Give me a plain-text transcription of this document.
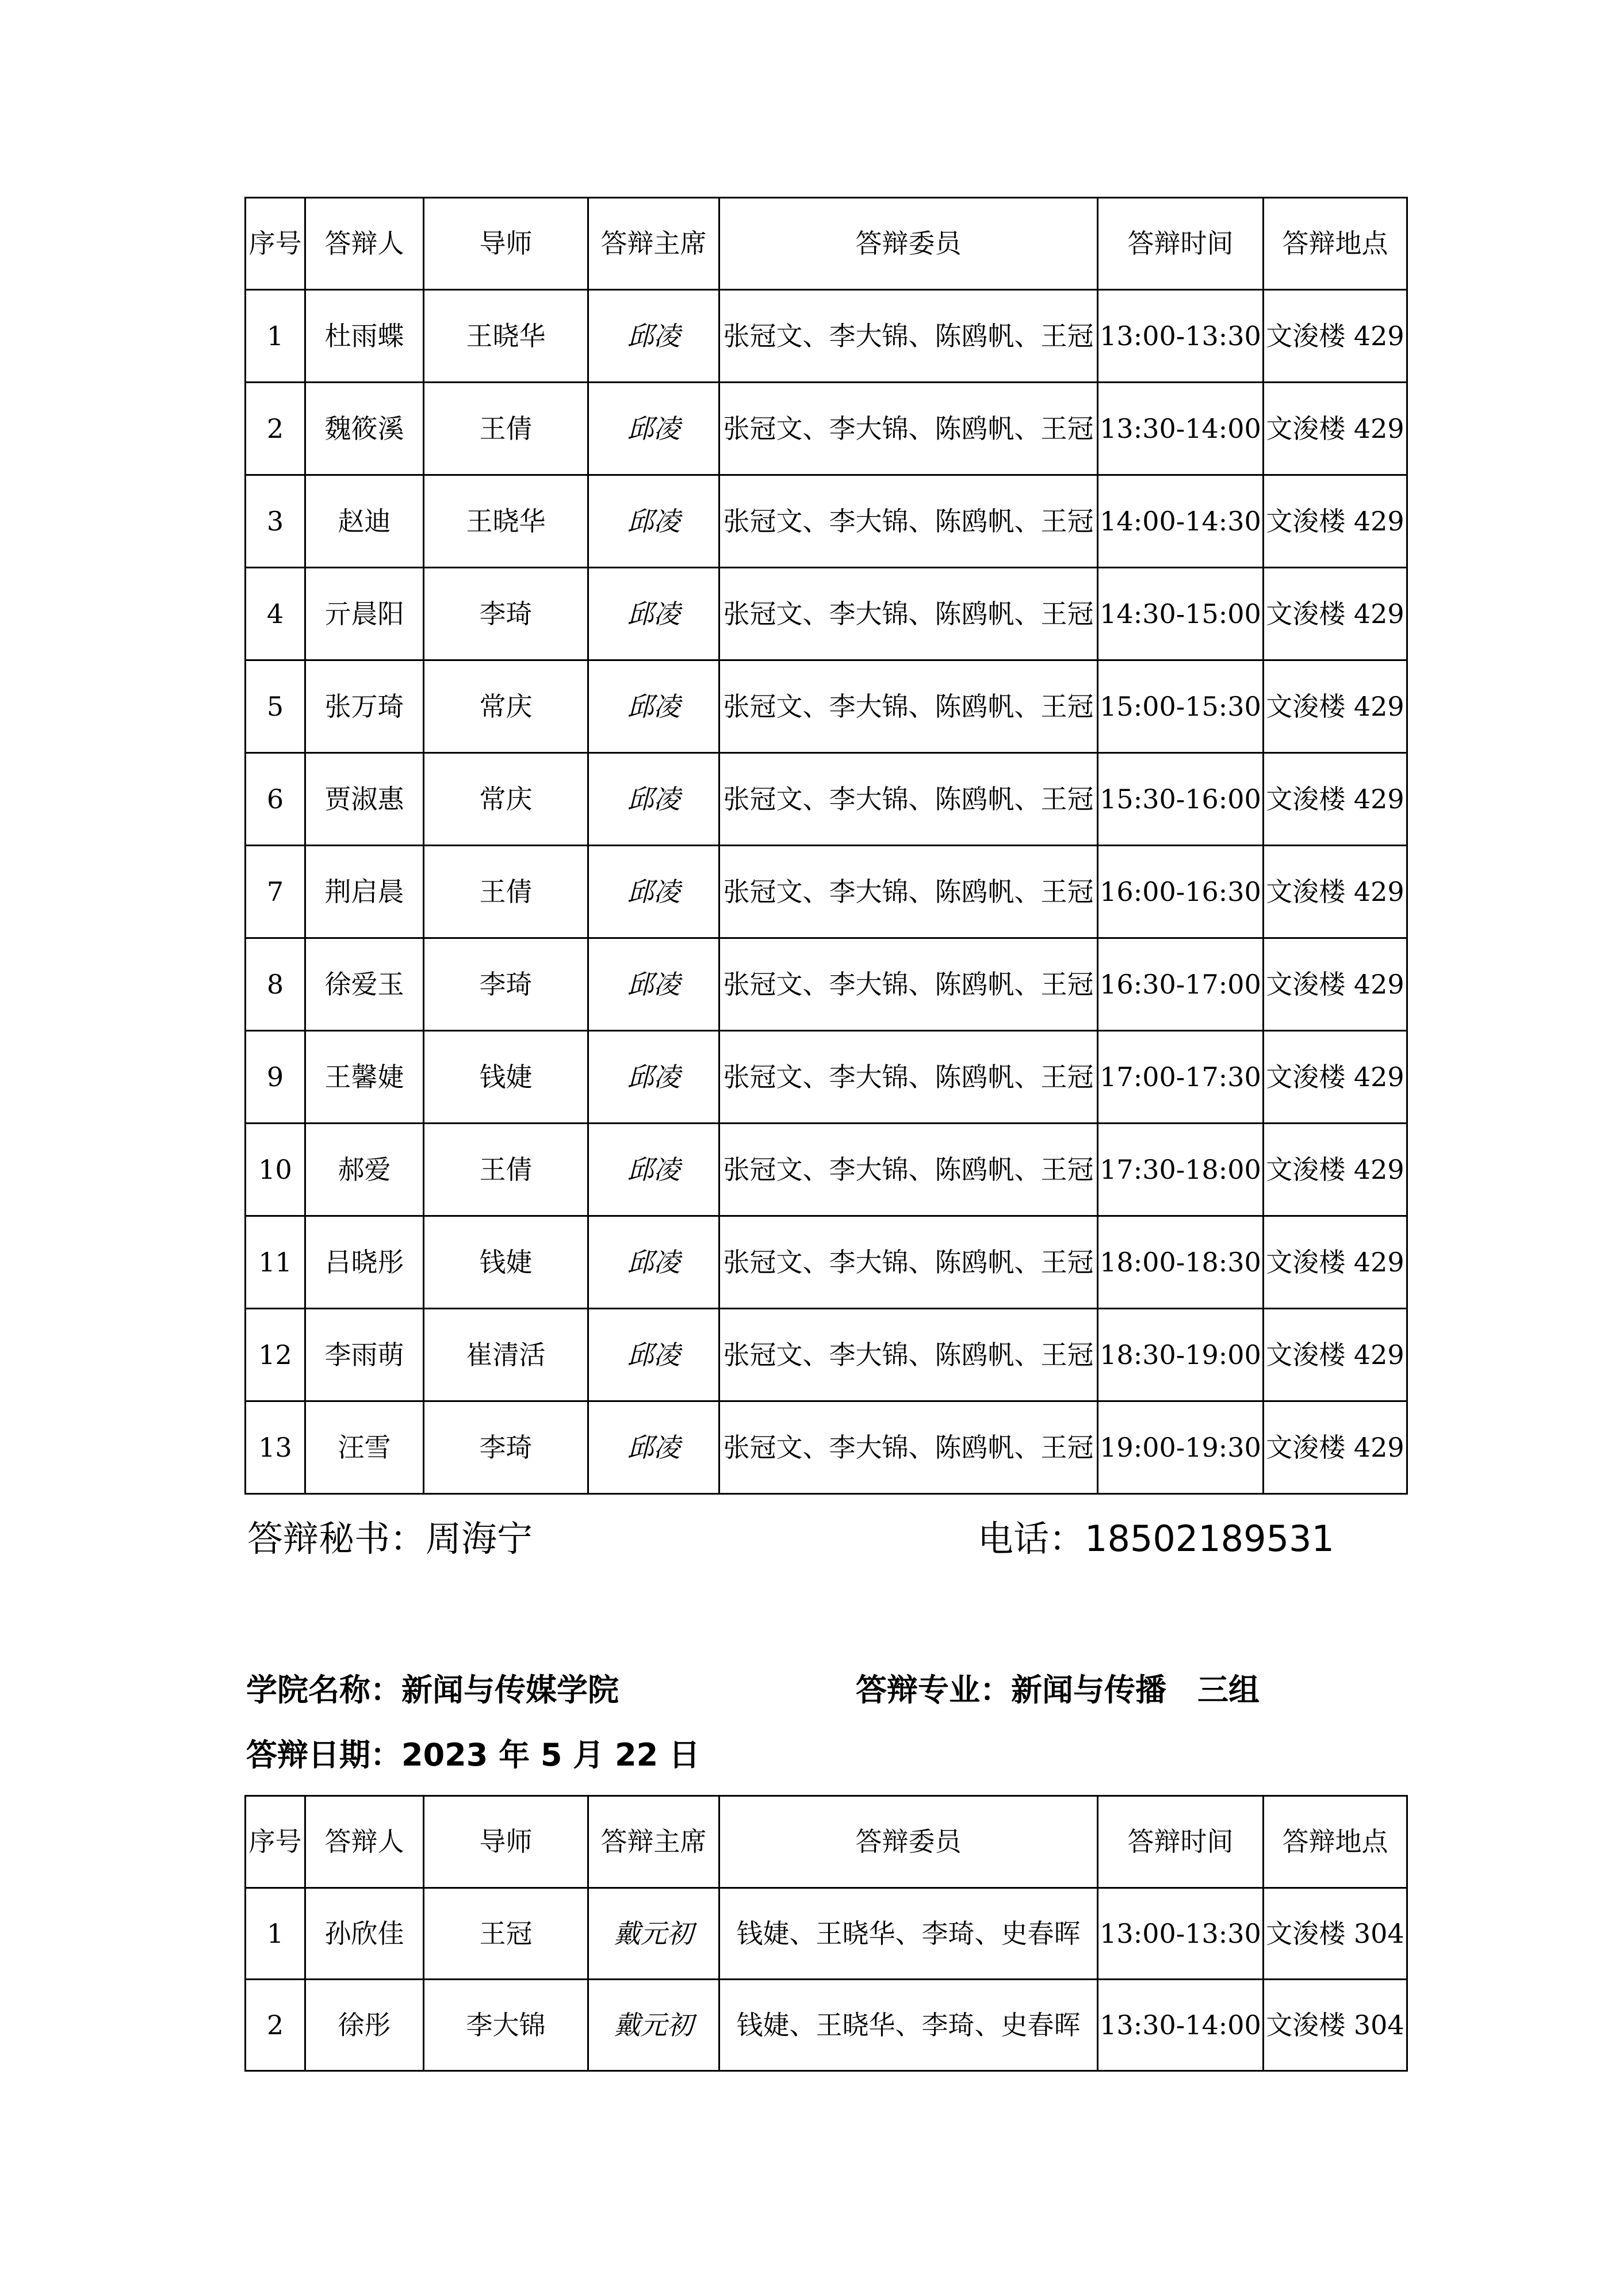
序号	答辩人	导师	答辩主席	答辩委员	答辩时间	答辩地点
1	杜雨蝶	王晓华	邱凌	张冠文、李大锦、陈鸥帆、王冠	13:00-13:30	文浚楼 429
2	魏筱溪	王倩	邱凌	张冠文、李大锦、陈鸥帆、王冠	13:30-14:00	文浚楼 429
3	赵迪	王晓华	邱凌	张冠文、李大锦、陈鸥帆、王冠	14:00-14:30	文浚楼 429
4	亓晨阳	李琦	邱凌	张冠文、李大锦、陈鸥帆、王冠	14:30-15:00	文浚楼 429
5	张万琦	常庆	邱凌	张冠文、李大锦、陈鸥帆、王冠	15:00-15:30	文浚楼 429
6	贾淑惠	常庆	邱凌	张冠文、李大锦、陈鸥帆、王冠	15:30-16:00	文浚楼 429
7	荆启晨	王倩	邱凌	张冠文、李大锦、陈鸥帆、王冠	16:00-16:30	文浚楼 429
8	徐爱玉	李琦	邱凌	张冠文、李大锦、陈鸥帆、王冠	16:30-17:00	文浚楼 429
9	王馨婕	钱婕	邱凌	张冠文、李大锦、陈鸥帆、王冠	17:00-17:30	文浚楼 429
10	郝爱	王倩	邱凌	张冠文、李大锦、陈鸥帆、王冠	17:30-18:00	文浚楼 429
11	吕晓彤	钱婕	邱凌	张冠文、李大锦、陈鸥帆、王冠	18:00-18:30	文浚楼 429
12	李雨萌	崔清活	邱凌	张冠文、李大锦、陈鸥帆、王冠	18:30-19:00	文浚楼 429
13	汪雪	李琦	邱凌	张冠文、李大锦、陈鸥帆、王冠	19:00-19:30	文浚楼 429
答辩秘书：周海宁	电话：18502189531
学院名称：新闻与传媒学院	答辩专业：新闻与传播　三组
答辩日期：2023 年 5 月 22 日
序号	答辩人	导师	答辩主席	答辩委员	答辩时间	答辩地点
1	孙欣佳	王冠	戴元初	钱婕、王晓华、李琦、史春晖	13:00-13:30	文浚楼 304
2	徐彤	李大锦	戴元初	钱婕、王晓华、李琦、史春晖	13:30-14:00	文浚楼 304
